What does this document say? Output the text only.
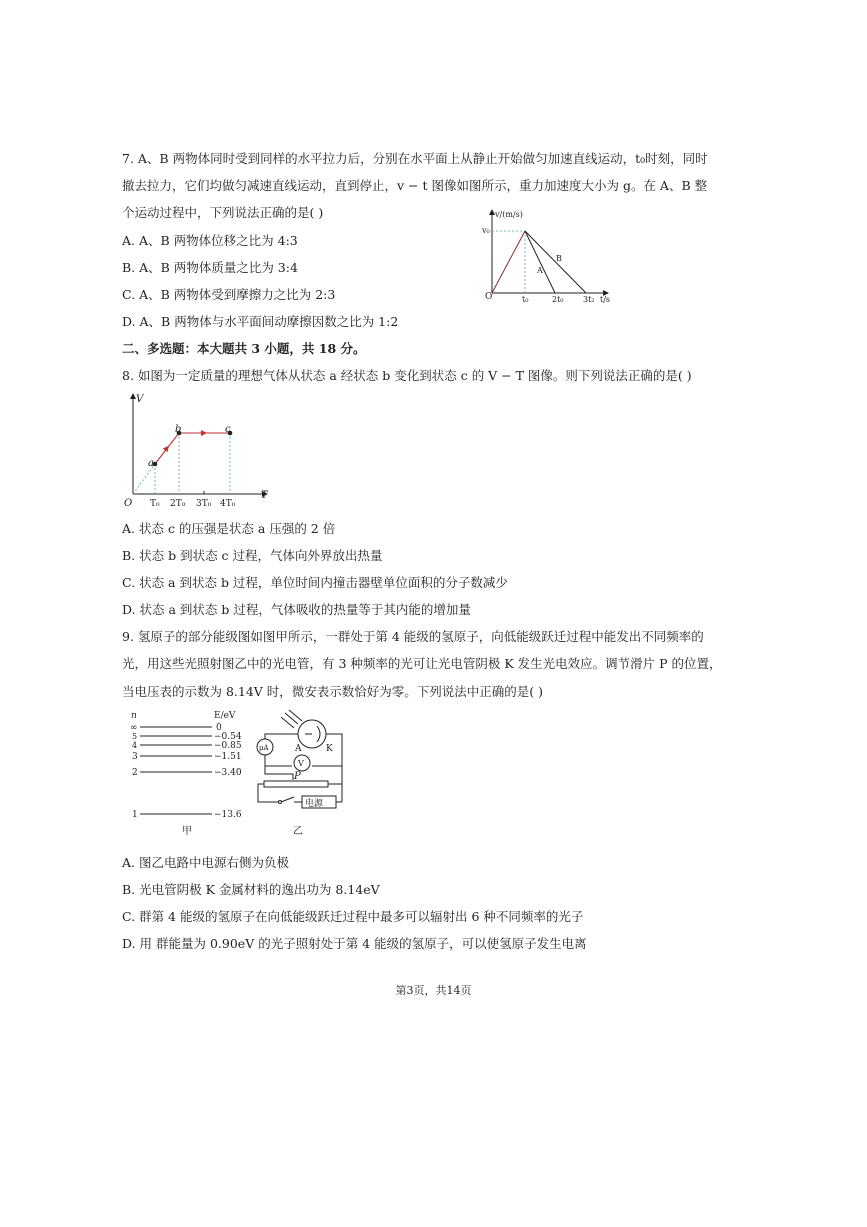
7. A、B 两物体同时受到同样的水平拉力后，分别在水平面上从静止开始做匀加速直线运动，t₀时刻，同时
撤去拉力，它们均做匀减速直线运动，直到停止，v − t 图像如图所示，重力加速度大小为 g。在 A、B 整
个运动过程中，下列说法正确的是( )
A. A、B 两物体位移之比为 4:3
B. A、B 两物体质量之比为 3:4
C. A、B 两物体受到摩擦力之比为 2:3
D. A、B 两物体与水平面间动摩擦因数之比为 1:2
v/(m/s)
t/s
v₀
O	t₀	2t₀ 3t₂
A
B
二、多选题：本大题共 3 小题，共 18 分。
8. 如图为一定质量的理想气体从状态 a 经状态 b 变化到状态 c 的 V − T 图像。则下列说法正确的是( )
V
T
O
a
b	c
T₀ 2T₀ 3T₀ 4T₀
A. 状态 c 的压强是状态 a 压强的 2 倍
B. 状态 b 到状态 c 过程，气体向外界放出热量
C. 状态 a 到状态 b 过程，单位时间内撞击器壁单位面积的分子数减少
D. 状态 a 到状态 b 过程，气体吸收的热量等于其内能的增加量
9. 氢原子的部分能级图如图甲所示，一群处于第 4 能级的氢原子，向低能级跃迁过程中能发出不同频率的
光，用这些光照射图乙中的光电管，有 3 种频率的光可让光电管阴极 K 发生光电效应。调节滑片 P 的位置，
当电压表的示数为 8.14V 时，微安表示数恰好为零。下列说法中正确的是( )
n	E/eV
∞	0
5	−0.54
4	−0.85
3	−1.51
2	−3.40
1	−13.6
甲
A	K
μA
V
P
电源
乙
A. 图乙电路中电源右侧为负极
B. 光电管阴极 K 金属材料的逸出功为 8.14eV
C. 群第 4 能级的氢原子在向低能级跃迁过程中最多可以辐射出 6 种不同频率的光子
D. 用 群能量为 0.90eV 的光子照射处于第 4 能级的氢原子，可以使氢原子发生电离
第3页，共14页
